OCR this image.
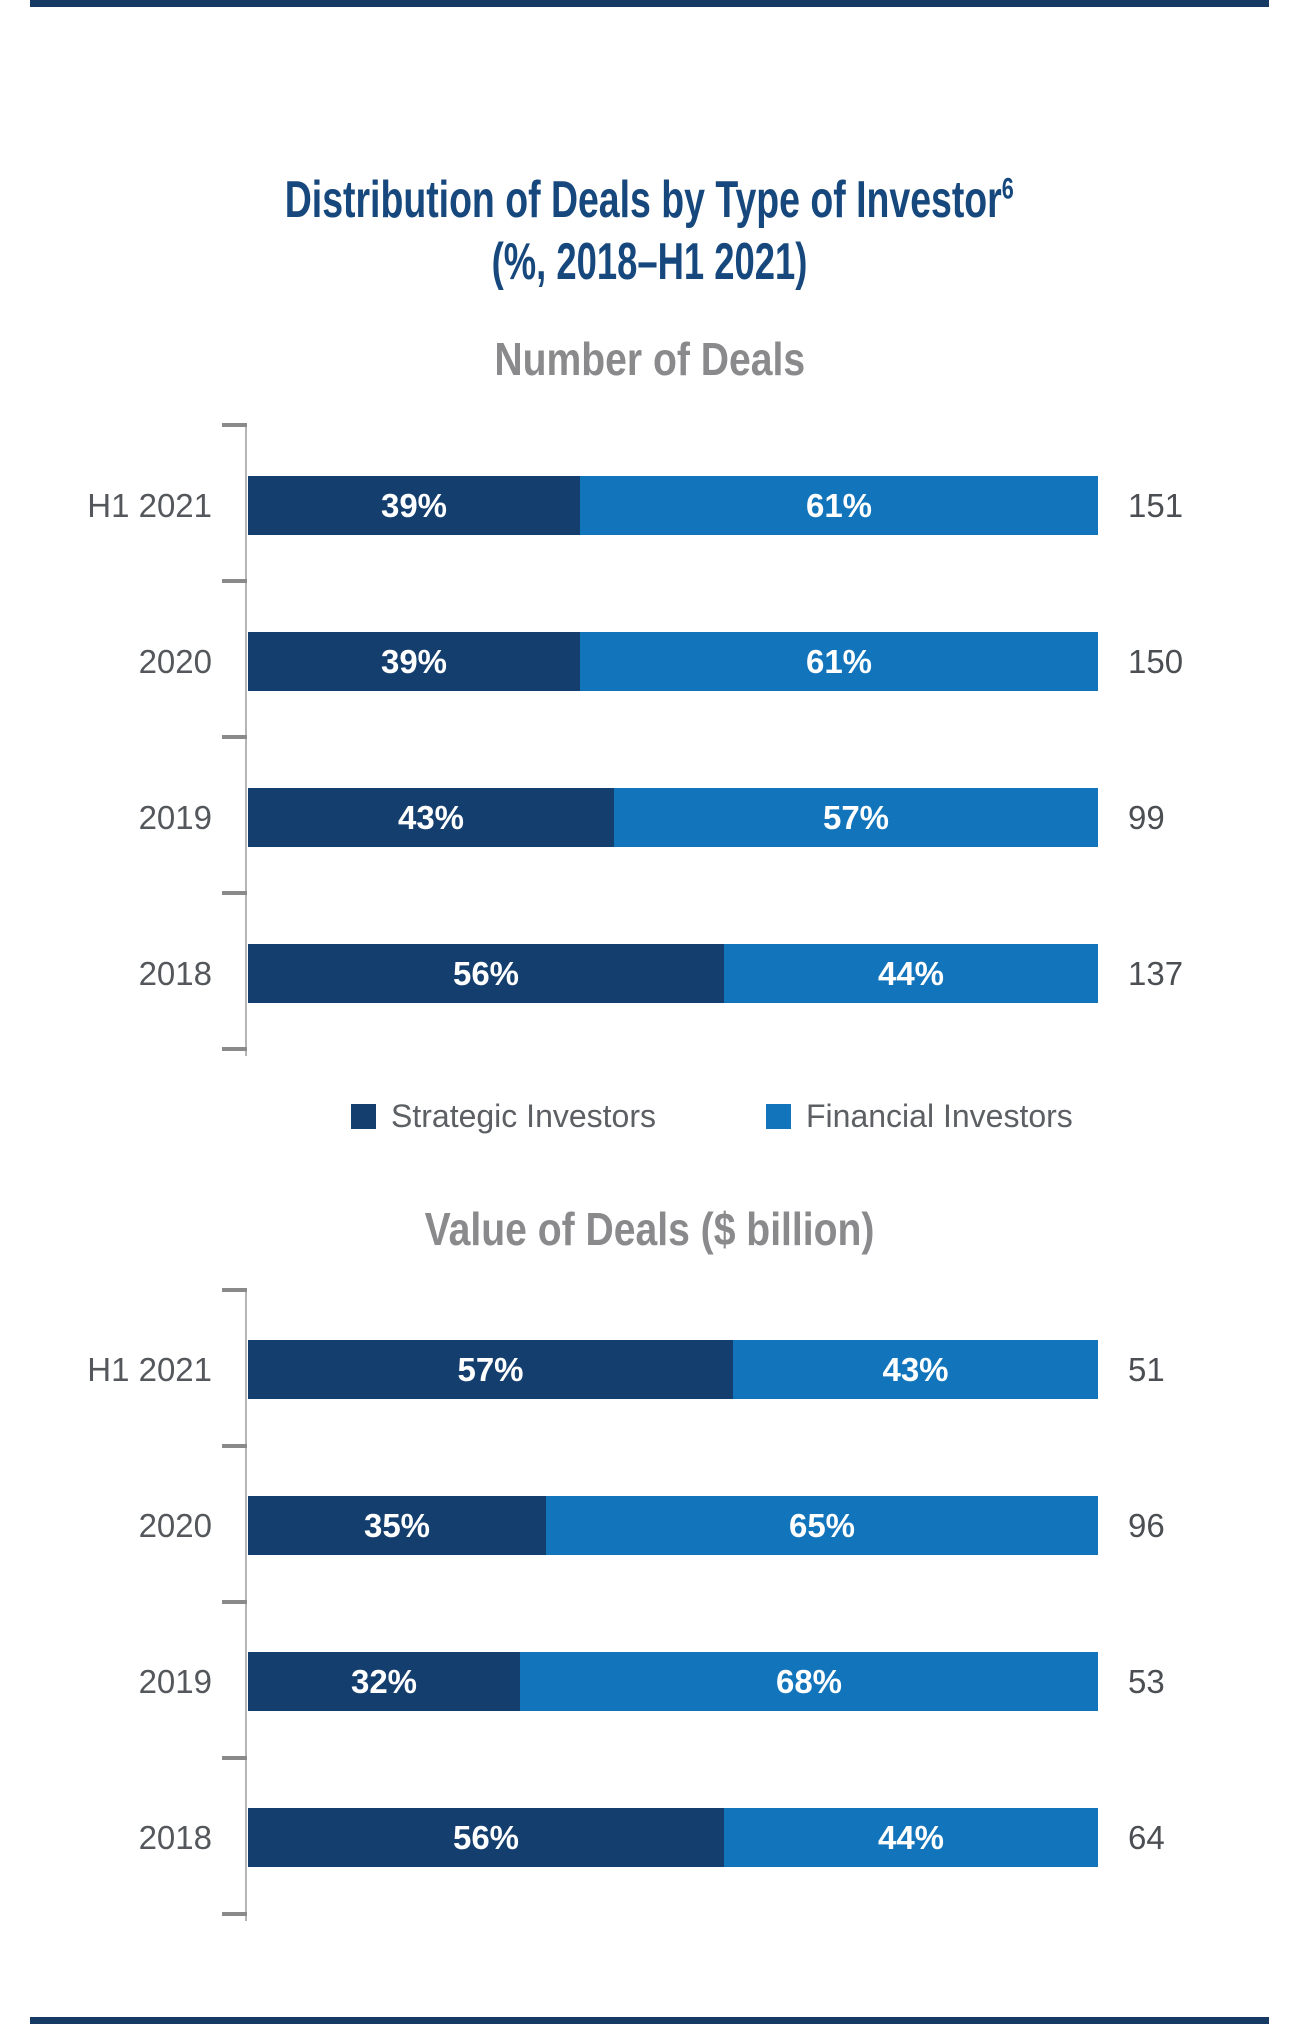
Distribution of Deals by Type of Investor$^6$
(%, 2018–H1 2021)
Number of Deals
H1 2021	39%	61%	151
2020	39%	61%	150
2019	43%	57%	99
2018	56%	44%	137
Strategic Investors	Financial Investors
Value of Deals ($ billion)
H1 2021	57%	43%	51
2020	35%	65%	96
2019	32%	68%	53
2018	56%	44%	64
